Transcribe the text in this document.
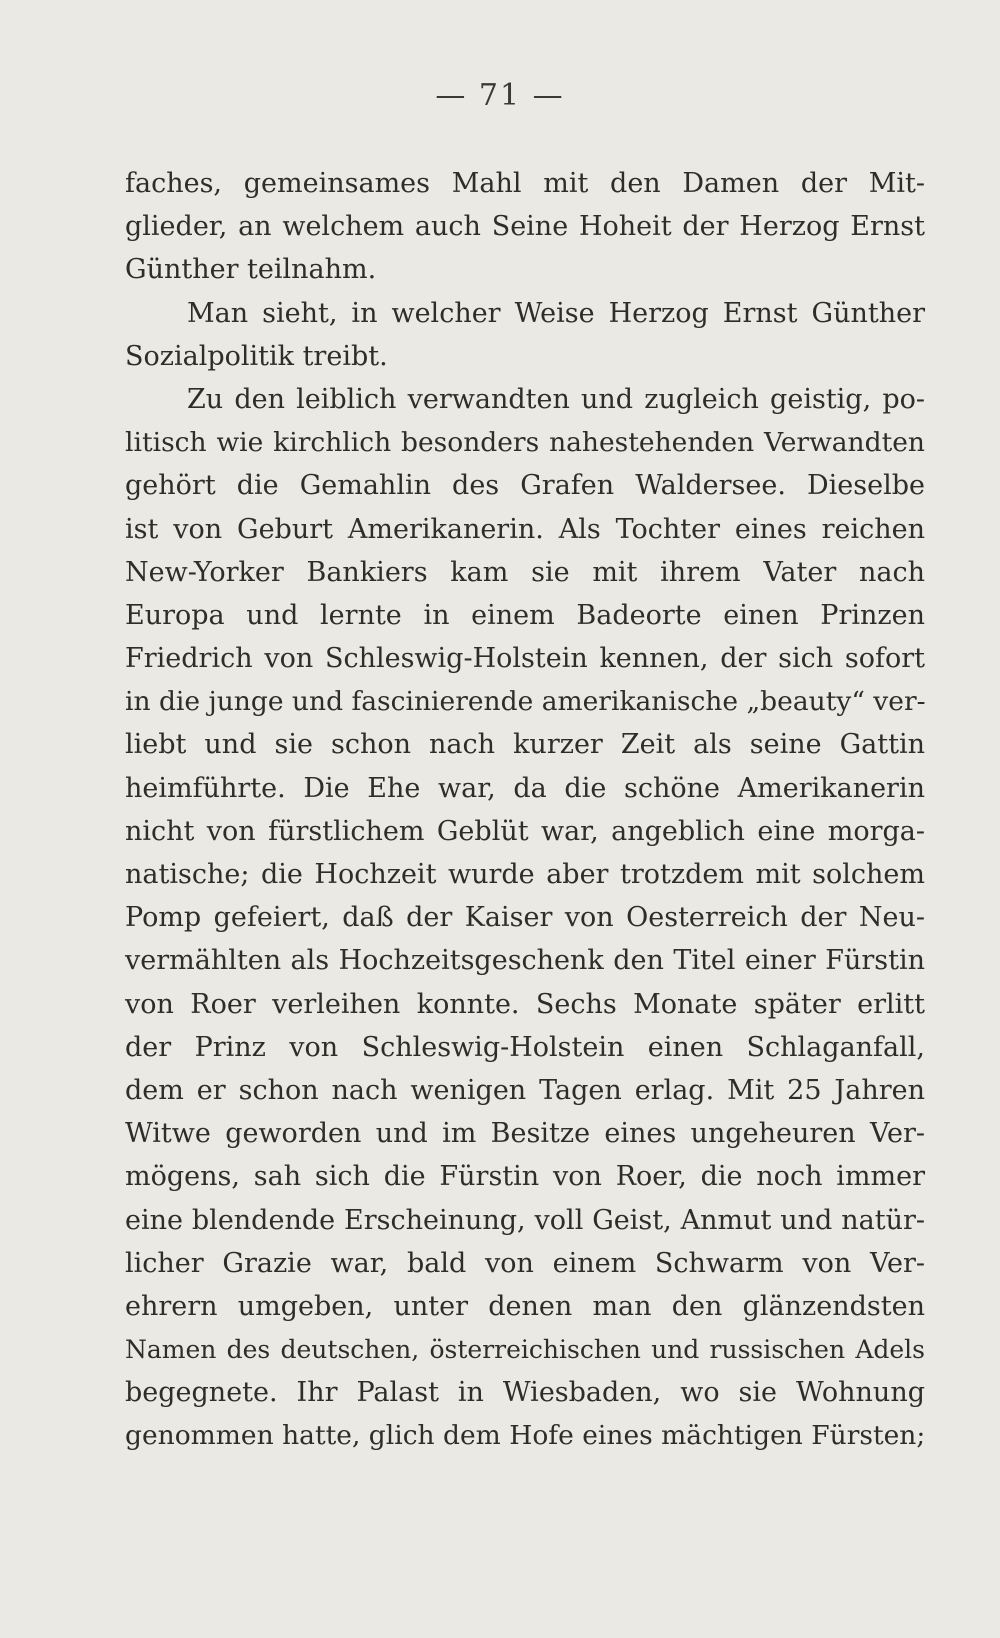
— 71 —
faches, gemeinsames Mahl mit den Damen der Mit-
glieder, an welchem auch Seine Hoheit der Herzog Ernst
Günther teilnahm.
Man sieht, in welcher Weise Herzog Ernst Günther
Sozialpolitik treibt.
Zu den leiblich verwandten und zugleich geistig, po-
litisch wie kirchlich besonders nahestehenden Verwandten
gehört die Gemahlin des Grafen Waldersee. Dieselbe
ist von Geburt Amerikanerin. Als Tochter eines reichen
New-Yorker Bankiers kam sie mit ihrem Vater nach
Europa und lernte in einem Badeorte einen Prinzen
Friedrich von Schleswig-Holstein kennen, der sich sofort
in die junge und fascinierende amerikanische „beauty“ ver-
liebt und sie schon nach kurzer Zeit als seine Gattin
heimführte. Die Ehe war, da die schöne Amerikanerin
nicht von fürstlichem Geblüt war, angeblich eine morga-
natische; die Hochzeit wurde aber trotzdem mit solchem
Pomp gefeiert, daß der Kaiser von Oesterreich der Neu-
vermählten als Hochzeitsgeschenk den Titel einer Fürstin
von Roer verleihen konnte. Sechs Monate später erlitt
der Prinz von Schleswig-Holstein einen Schlaganfall,
dem er schon nach wenigen Tagen erlag. Mit 25 Jahren
Witwe geworden und im Besitze eines ungeheuren Ver-
mögens, sah sich die Fürstin von Roer, die noch immer
eine blendende Erscheinung, voll Geist, Anmut und natür-
licher Grazie war, bald von einem Schwarm von Ver-
ehrern umgeben, unter denen man den glänzendsten
Namen des deutschen, österreichischen und russischen Adels
begegnete. Ihr Palast in Wiesbaden, wo sie Wohnung
genommen hatte, glich dem Hofe eines mächtigen Fürsten;
